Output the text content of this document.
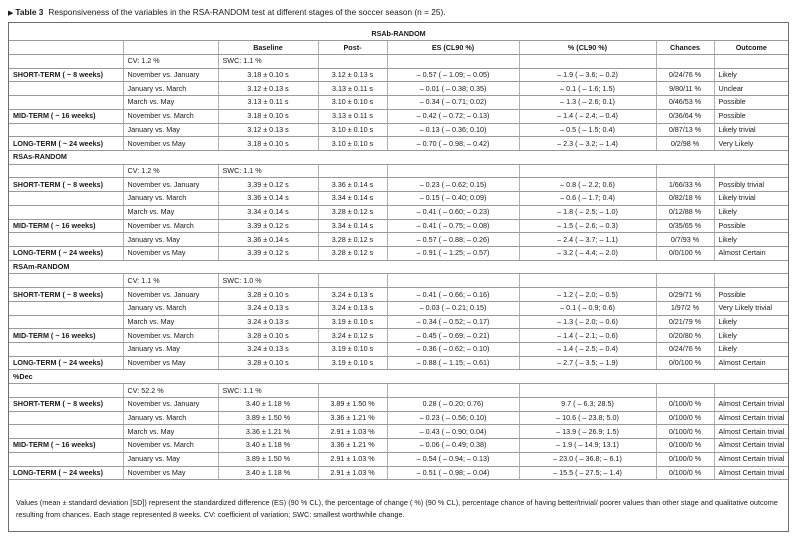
▶ Table 3 Responsiveness of the variables in the RSA-RANDOM test at different stages of the soccer season (n = 25).
RSAb-RANDOM							
		Baseline	Post-	ES (CL90 %)	% (CL90 %)	Chances	Outcome
	CV: 1.2 %	SWC: 1.1 %					
SHORT-TERM ( ~ 8 weeks)	November vs. January	3.18 ± 0.10 s	3.12 ± 0.13 s	– 0.57 ( – 1.09; – 0.05)	– 1.9 ( – 3.6; – 0.2)	0/24/76 %	Likely
	January vs. March	3.12 ± 0.13 s	3.13 ± 0.11 s	– 0.01 ( – 0.38; 0.35)	– 0.1 ( – 1.6; 1.5)	9/80/11 %	Unclear
	March vs. May	3.13 ± 0.11 s	3.10 ± 0.10 s	– 0.34 ( – 0.71; 0.02)	– 1.3 ( – 2.6; 0.1)	0/46/53 %	Possible
MID-TERM ( ~ 16 weeks)	November vs. March	3.18 ± 0.10 s	3.13 ± 0.11 s	– 0.42 ( – 0.72; – 0.13)	– 1.4 ( – 2.4; – 0.4)	0/36/64 %	Possible
	January vs. May	3.12 ± 0.13 s	3.10 ± 0.10 s	– 0.13 ( – 0.36; 0.10)	– 0.5 ( – 1.5; 0.4)	0/87/13 %	Likely trivial
LONG-TERM ( ~ 24 weeks)	November vs May	3.18 ± 0.10 s	3.10 ± 0.10 s	– 0.70 ( – 0.98; – 0.42)	– 2.3 ( – 3.2; – 1.4)	0/2/98 %	Very Likely
RSAs-RANDOM							
	CV: 1.2 %	SWC: 1.1 %					
SHORT-TERM ( ~ 8 weeks)	November vs. January	3.39 ± 0.12 s	3.36 ± 0.14 s	– 0.23 ( – 0.62; 0.15)	– 0.8 ( – 2.2; 0.6)	1/66/33 %	Possibly trivial
	January vs. March	3.36 ± 0.14 s	3.34 ± 0.14 s	– 0.15 ( – 0.40; 0.09)	– 0.6 ( – 1.7; 0.4)	0/82/18 %	Likely trivial
	March vs. May	3.34 ± 0.14 s	3.28 ± 0.12 s	– 0.41 ( – 0.60; – 0.23)	– 1.8 ( – 2.5; – 1.0)	0/12/88 %	Likely
MID-TERM ( ~ 16 weeks)	November vs. March	3.39 ± 0.12 s	3.34 ± 0.14 s	– 0.41 ( – 0.75; – 0.08)	– 1.5 ( – 2.6; – 0.3)	0/35/65 %	Possible
	January vs. May	3.36 ± 0.14 s	3.28 ± 0.12 s	– 0.57 ( – 0.88; – 0.26)	– 2.4 ( – 3.7; – 1.1)	0/7/93 %	Likely
LONG-TERM ( ~ 24 weeks)	November vs May	3.39 ± 0.12 s	3.28 ± 0.12 s	– 0.91 ( – 1.25; – 0.57)	– 3.2 ( – 4.4; – 2.0)	0/0/100 %	Almost Certain
RSAm-RANDOM							
	CV: 1.1 %	SWC: 1.0 %					
SHORT-TERM ( ~ 8 weeks)	November vs. January	3.28 ± 0.10 s	3.24 ± 0.13 s	– 0.41 ( – 0.66; – 0.16)	– 1.2 ( – 2.0; – 0.5)	0/29/71 %	Possible
	January vs. March	3.24 ± 0.13 s	3.24 ± 0.13 s	– 0.03 ( – 0.21; 0.15)	– 0.1 ( – 0.9; 0.6)	1/97/2 %	Very Likely trivial
	March vs. May	3.24 ± 0.13 s	3.19 ± 0.10 s	– 0.34 ( – 0.52; – 0.17)	– 1.3 ( – 2.0; – 0.6)	0/21/79 %	Likely
MID-TERM ( ~ 16 weeks)	November vs. March	3.28 ± 0.10 s	3.24 ± 0.12 s	– 0.45 ( – 0.69; – 0.21)	– 1.4 ( – 2.1; – 0.6)	0/20/80 %	Likely
	January vs. May	3.24 ± 0.13 s	3.19 ± 0.10 s	– 0.36 ( – 0.62; – 0.10)	– 1.4 ( – 2.5; – 0.4)	0/24/76 %	Likely
LONG-TERM ( ~ 24 weeks)	November vs May	3.28 ± 0.10 s	3.19 ± 0.10 s	– 0.88 ( – 1.15; – 0.61)	– 2.7 ( – 3.5; – 1.9)	0/0/100 %	Almost Certain
%Dec							
	CV: 52.2 %	SWC: 1.1 %					
SHORT-TERM ( ~ 8 weeks)	November vs. January	3.40 ± 1.18 %	3.89 ± 1.50 %	0.28 ( – 0.20; 0.76)	9.7 ( – 6.3; 28.5)	0/100/0 %	Almost Certain trivial
	January vs. March	3.89 ± 1.50 %	3.36 ± 1.21 %	– 0.23 ( – 0.56; 0.10)	– 10.6 ( – 23.8; 5.0)	0/100/0 %	Almost Certain trivial
	March vs. May	3.36 ± 1.21 %	2.91 ± 1.03 %	– 0.43 ( – 0.90; 0.04)	– 13.9 ( – 26.9; 1.5)	0/100/0 %	Almost Certain trivial
MID-TERM ( ~ 16 weeks)	November vs. March	3.40 ± 1.18 %	3.36 ± 1.21 %	– 0.06 ( – 0.49; 0.38)	– 1.9 ( – 14.9; 13.1)	0/100/0 %	Almost Certain trivial
	January vs. May	3.89 ± 1.50 %	2.91 ± 1.03 %	– 0.54 ( – 0.94; – 0.13)	– 23.0 ( – 36.8; – 6.1)	0/100/0 %	Almost Certain trivial
LONG-TERM ( ~ 24 weeks)	November vs May	3.40 ± 1.18 %	2.91 ± 1.03 %	– 0.51 ( – 0.98; – 0.04)	– 15.5 ( – 27.5; – 1.4)	0/100/0 %	Almost Certain trivial
Values (mean ± standard deviation [SD]) represent the standardized difference (ES) (90 % CL), the percentage of change ( %) (90 % CL), percentage chance of having better/trivial/ poorer values than other stage and qualitative outcome resulting from chances. Each stage represented 8 weeks. CV: coefficient of variation; SWC: smallest worthwhile change.
